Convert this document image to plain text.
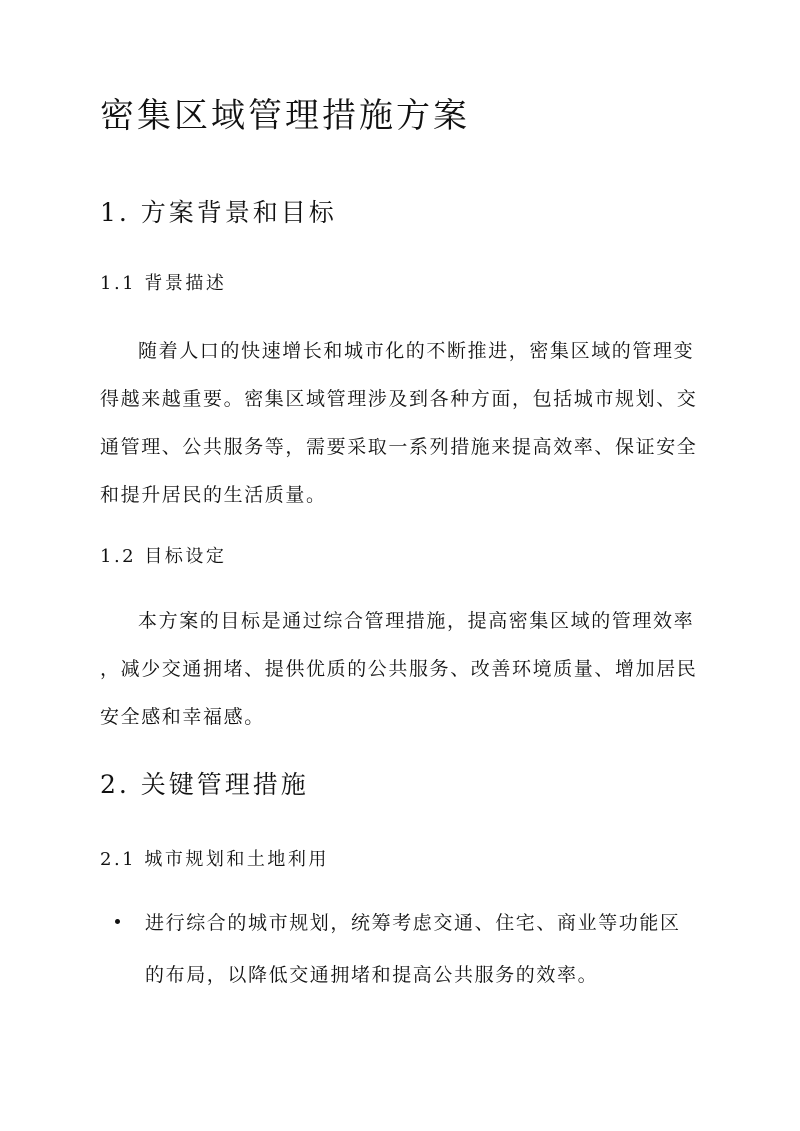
密集区域管理措施方案
1. 方案背景和目标
1.1 背景描述
随着人口的快速增长和城市化的不断推进，密集区域的管理变
得越来越重要。密集区域管理涉及到各种方面，包括城市规划、交
通管理、公共服务等，需要采取一系列措施来提高效率、保证安全
和提升居民的生活质量。
1.2 目标设定
本方案的目标是通过综合管理措施，提高密集区域的管理效率
，减少交通拥堵、提供优质的公共服务、改善环境质量、增加居民
安全感和幸福感。
2. 关键管理措施
2.1 城市规划和土地利用
进行综合的城市规划，统筹考虑交通、住宅、商业等功能区
的布局，以降低交通拥堵和提高公共服务的效率。
